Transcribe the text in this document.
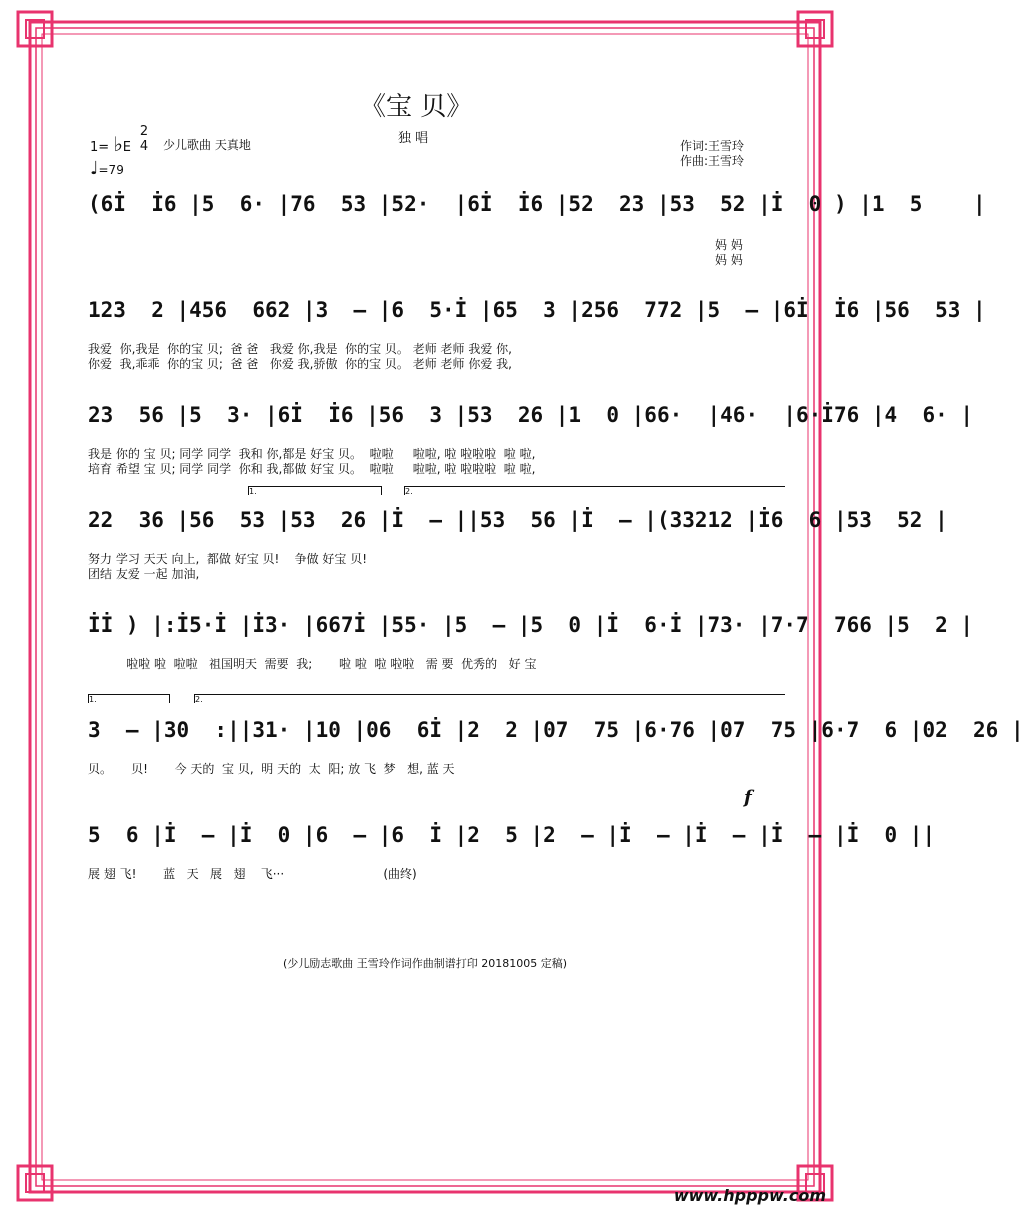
《宝 贝》
独 唱
1= ♭E
2
4 少儿歌曲 天真地
♩=79
作词:王雪玲
作曲:王雪玲
(6İ  İ6 |5  6· |76  53 |52·  |6İ  İ6 |52  23 |53  52 |İ  0 ) |1  5    |
妈 妈
妈 妈
123  2 |456  662 |3  – |6  5·İ |65  3 |256  772 |5  – |6İ  İ6 |56  53 |
我爱  你,我是  你的宝 贝;  爸 爸   我爱 你,我是  你的宝 贝。 老师 老师 我爱 你,
你爱  我,乖乖  你的宝 贝;  爸 爸   你爱 我,骄傲  你的宝 贝。 老师 老师 你爱 我,
23  56 |5  3· |6İ  İ6 |56  3 |53  26 |1  0 |66·  |46·  |6·İ76 |4  6· |
我是 你的 宝 贝; 同学 同学  我和 你,都是 好宝 贝。  啦啦     啦啦, 啦 啦啦啦  啦 啦,
培育 希望 宝 贝; 同学 同学  你和 我,都做 好宝 贝。  啦啦     啦啦, 啦 啦啦啦  啦 啦,
1.	2.
22  36 |56  53 |53  26 |İ  – ||53  56 |İ  – |(33212 |İ6  6 |53  52 |
努力 学习 天天 向上,  都做 好宝 贝!    争做 好宝 贝!
团结 友爱 一起 加油,
İİ ) |:İ5·İ |İ3· |667İ |55· |5  – |5  0 |İ  6·İ |73· |7·7  766 |5  2 |
啦啦 啦  啦啦   祖国明天  需要  我;       啦 啦  啦 啦啦   需 要  优秀的   好 宝
1.	2.
3  – |30  :||31· |10 |06  6İ |2  2 |07  75 |6·76 |07  75 |6·7  6 |02  26 |
贝。     贝!       今 天的  宝 贝,  明 天的  太  阳; 放 飞  梦   想, 蓝 天
f
5  6 |İ  – |İ  0 |6  – |6  İ |2  5 |2  – |İ  – |İ  – |İ  – |İ  0 ||
展 翅 飞!       蓝   天   展   翅    飞···                          (曲终)
(少儿励志歌曲 王雪玲作词作曲制谱打印 20181005 定稿)
www.hpppw.com
